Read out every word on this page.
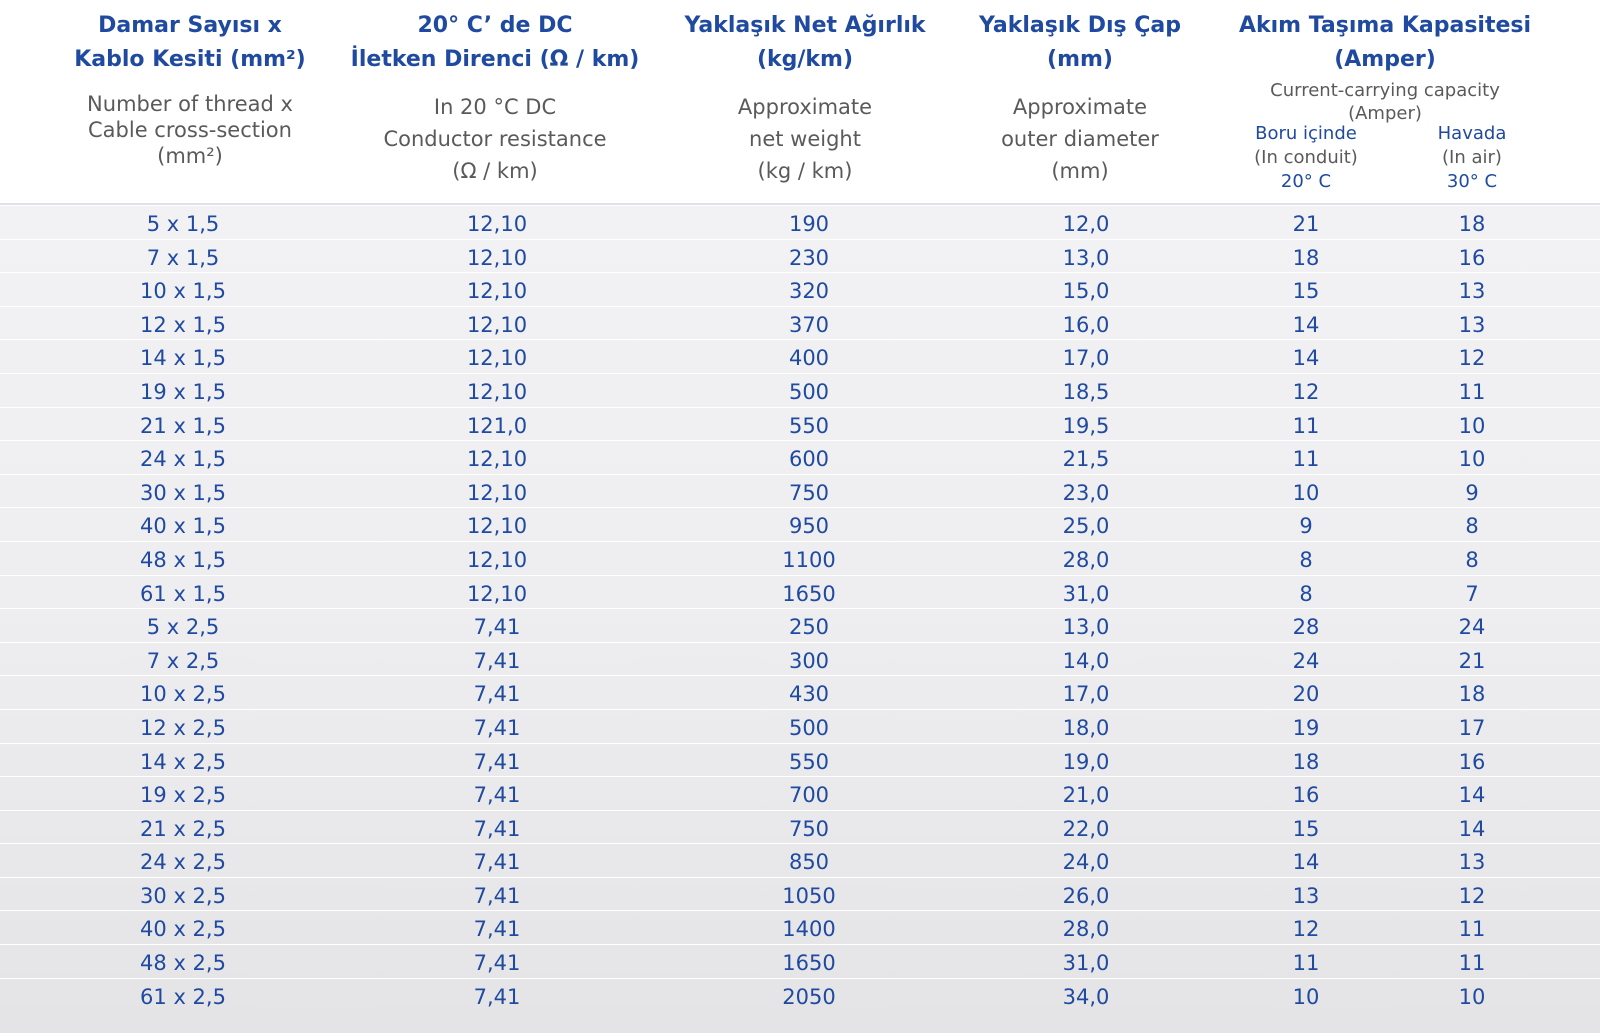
Damar Sayısı x
Kablo Kesiti (mm²)
Number of thread x
Cable cross-section
(mm²)
20° C’ de DC
İletken Direnci (Ω / km)
In 20 °C DC
Conductor resistance
(Ω / km)
Yaklaşık Net Ağırlık
(kg/km)
Approximate
net weight
(kg / km)
Yaklaşık Dış Çap
(mm)
Approximate
outer diameter
(mm)
Akım Taşıma Kapasitesi
(Amper)
Current-carrying capacity
(Amper)
Boru içinde
(In conduit)
20° C
Havada
(In air)
30° C
5 x 1,5	12,10	190	12,0	21	18
7 x 1,5	12,10	230	13,0	18	16
10 x 1,5	12,10	320	15,0	15	13
12 x 1,5	12,10	370	16,0	14	13
14 x 1,5	12,10	400	17,0	14	12
19 x 1,5	12,10	500	18,5	12	11
21 x 1,5	121,0	550	19,5	11	10
24 x 1,5	12,10	600	21,5	11	10
30 x 1,5	12,10	750	23,0	10	9
40 x 1,5	12,10	950	25,0	9	8
48 x 1,5	12,10	1100	28,0	8	8
61 x 1,5	12,10	1650	31,0	8	7
5 x 2,5	7,41	250	13,0	28	24
7 x 2,5	7,41	300	14,0	24	21
10 x 2,5	7,41	430	17,0	20	18
12 x 2,5	7,41	500	18,0	19	17
14 x 2,5	7,41	550	19,0	18	16
19 x 2,5	7,41	700	21,0	16	14
21 x 2,5	7,41	750	22,0	15	14
24 x 2,5	7,41	850	24,0	14	13
30 x 2,5	7,41	1050	26,0	13	12
40 x 2,5	7,41	1400	28,0	12	11
48 x 2,5	7,41	1650	31,0	11	11
61 x 2,5	7,41	2050	34,0	10	10
